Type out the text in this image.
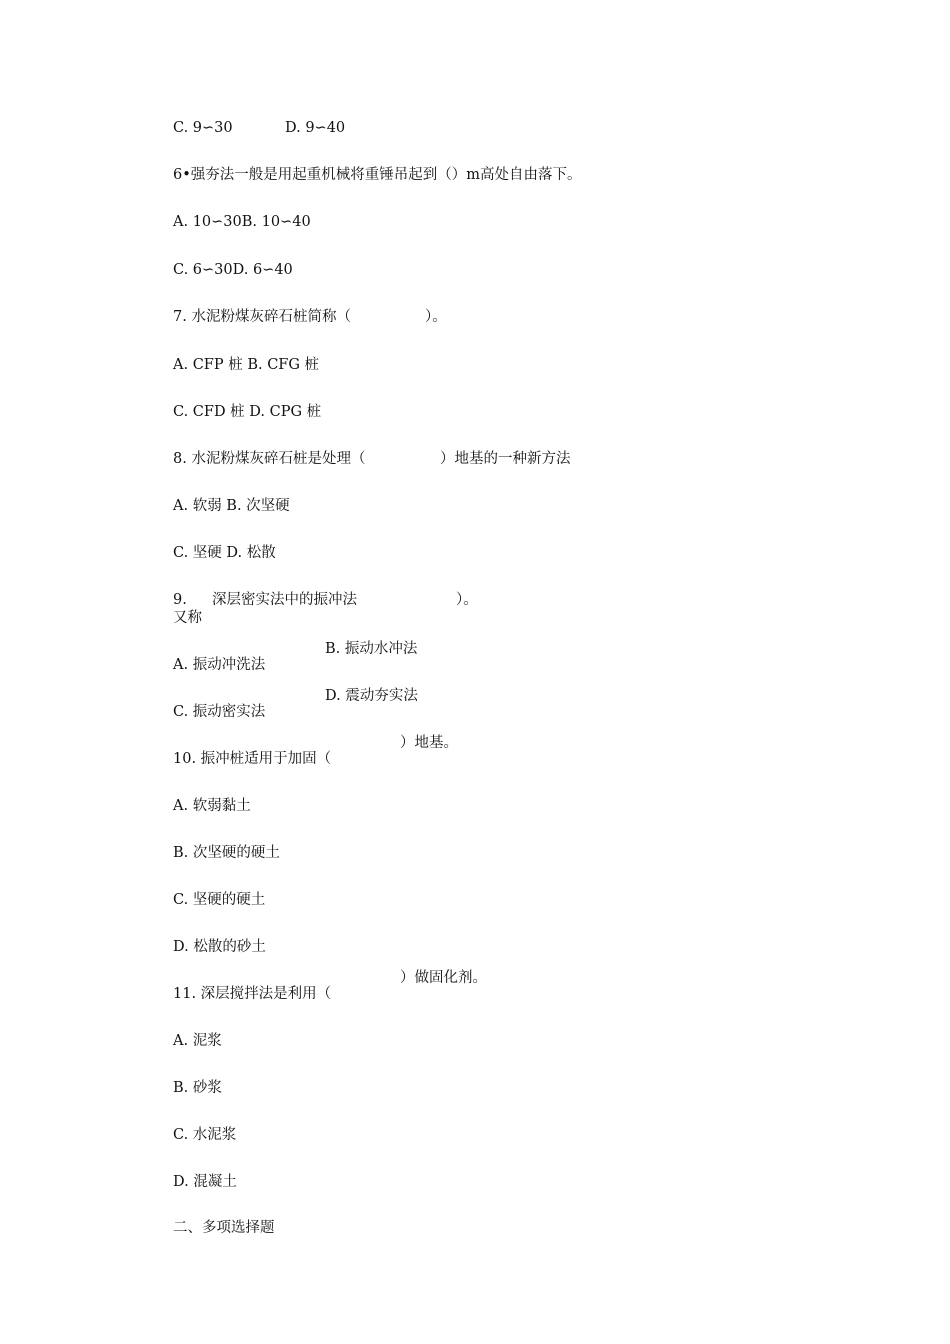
C. 9∽30	D. 9∽40
6•强夯法一般是用起重机械将重锤吊起到（）m高处自由落下。
A. 10∽30B. 10∽40
C. 6∽30D. 6∽40
7. 水泥粉煤灰碎石桩简称（	）。
A. CFP 桩 B. CFG 桩
C. CFD 桩 D. CPG 桩
8. 水泥粉煤灰碎石桩是处理（	）地基的一种新方法
A. 软弱 B. 次坚硬
C. 坚硬 D. 松散
9. 深层密实法中的振冲法	）。
又称
B. 振动水冲法
A. 振动冲洗法
D. 震动夯实法
C. 振动密实法
）地基。
10. 振冲桩适用于加固（
A. 软弱黏土
B. 次坚硬的硬土
C. 坚硬的硬土
D. 松散的砂土
）做固化剂。
11. 深层搅拌法是利用（
A. 泥浆
B. 砂浆
C. 水泥浆
D. 混凝土
二、多项选择题
